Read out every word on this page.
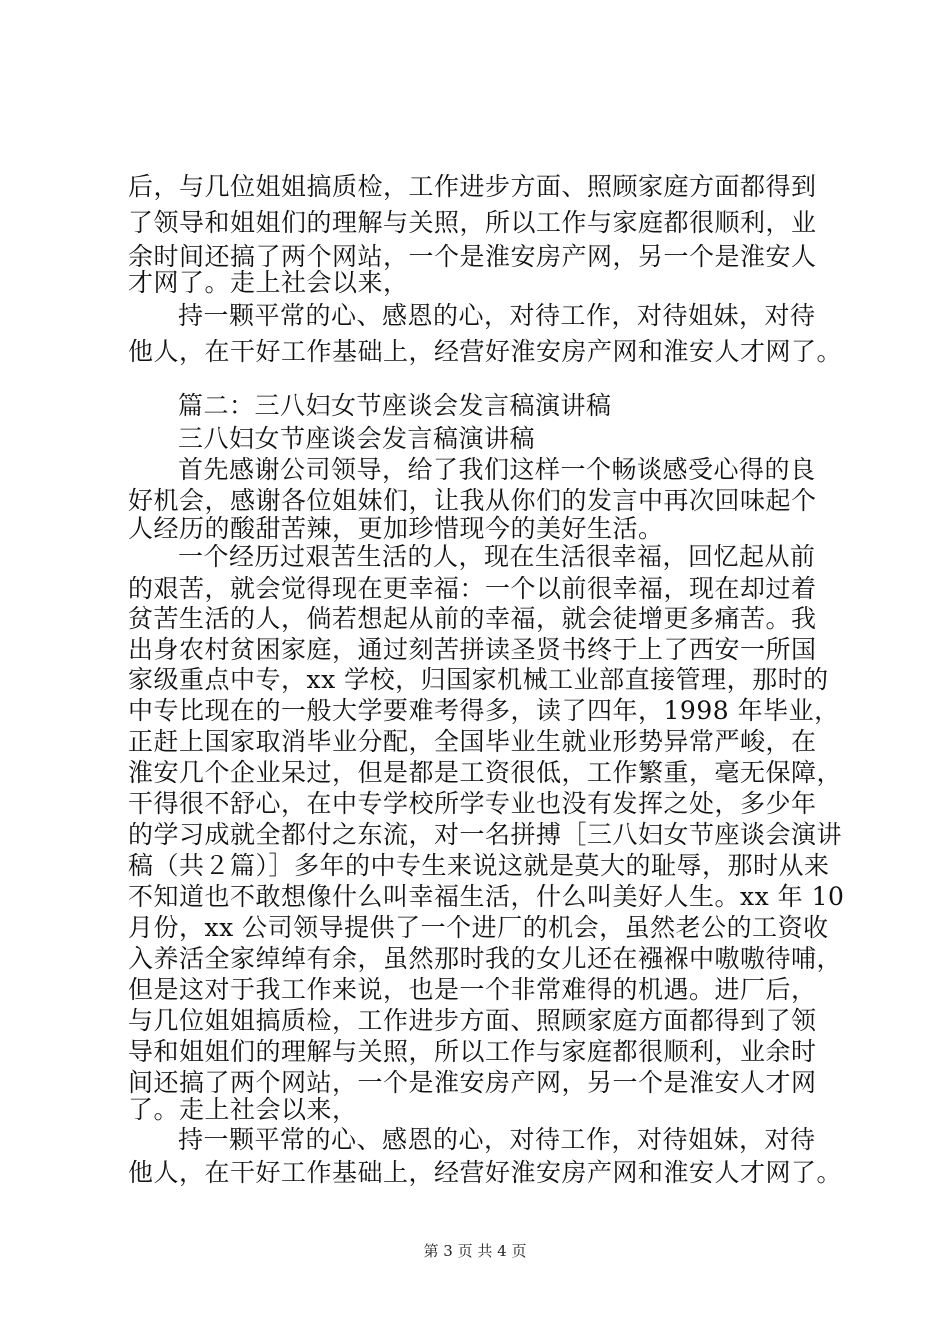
后，与几位姐姐搞质检，工作进步方面、照顾家庭方面都得到
了领导和姐姐们的理解与关照，所以工作与家庭都很顺利，业
余时间还搞了两个网站，一个是淮安房产网，另一个是淮安人
才网了。走上社会以来，
持一颗平常的心、感恩的心，对待工作，对待姐妹，对待
他人，在干好工作基础上，经营好淮安房产网和淮安人才网了。
篇二：三八妇女节座谈会发言稿演讲稿
三八妇女节座谈会发言稿演讲稿
首先感谢公司领导，给了我们这样一个畅谈感受心得的良
好机会，感谢各位姐妹们，让我从你们的发言中再次回味起个
人经历的酸甜苦辣，更加珍惜现今的美好生活。
一个经历过艰苦生活的人，现在生活很幸福，回忆起从前
的艰苦，就会觉得现在更幸福：一个以前很幸福，现在却过着
贫苦生活的人，倘若想起从前的幸福，就会徒增更多痛苦。我
出身农村贫困家庭，通过刻苦拼读圣贤书终于上了西安一所国
家级重点中专，xx 学校，归国家机械工业部直接管理，那时的
中专比现在的一般大学要难考得多，读了四年，1998 年毕业，
正赶上国家取消毕业分配，全国毕业生就业形势异常严峻，在
淮安几个企业呆过，但是都是工资很低，工作繁重，毫无保障，
干得很不舒心，在中专学校所学专业也没有发挥之处，多少年
的学习成就全都付之东流，对一名拼搏［三八妇女节座谈会演讲
稿（共２篇）］多年的中专生来说这就是莫大的耻辱，那时从来
不知道也不敢想像什么叫幸福生活，什么叫美好人生。xx 年 10
月份，xx 公司领导提供了一个进厂的机会，虽然老公的工资收
入养活全家绰绰有余，虽然那时我的女儿还在襁褓中嗷嗷待哺，
但是这对于我工作来说，也是一个非常难得的机遇。进厂后，
与几位姐姐搞质检，工作进步方面、照顾家庭方面都得到了领
导和姐姐们的理解与关照，所以工作与家庭都很顺利，业余时
间还搞了两个网站，一个是淮安房产网，另一个是淮安人才网
了。走上社会以来，
持一颗平常的心、感恩的心，对待工作，对待姐妹，对待
他人，在干好工作基础上，经营好淮安房产网和淮安人才网了。
第 3 页 共 4 页
